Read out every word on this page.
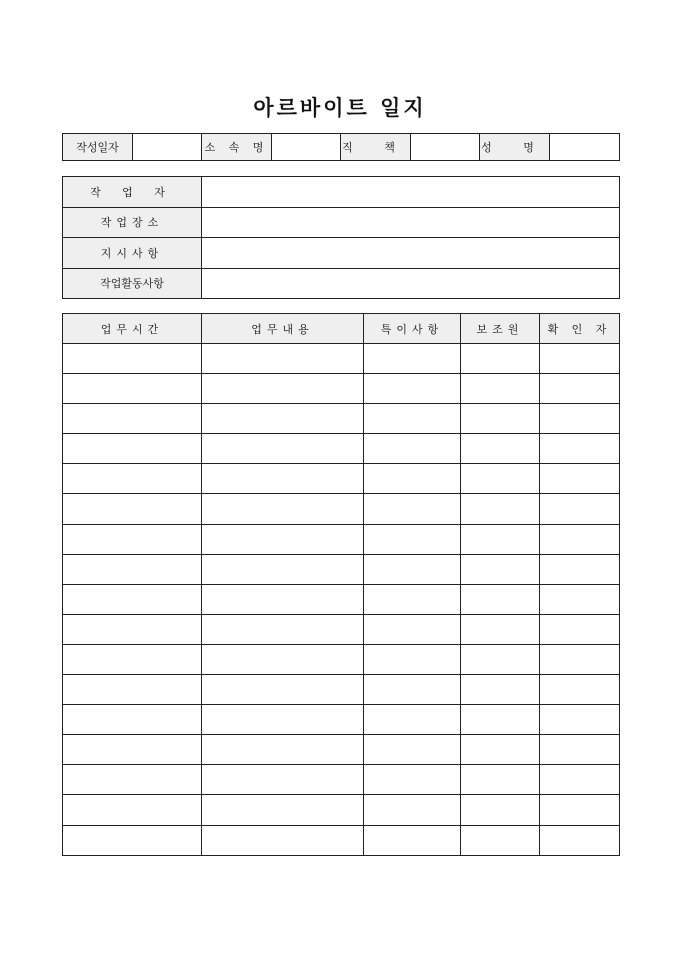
아르바이트 일지
작성일자		소 속 명		직 책		성 명	
작 업 자	
작업장소	
지시사항	
작업활동사항	
업무시간	업무내용	특이사항	보조원	확 인 자
